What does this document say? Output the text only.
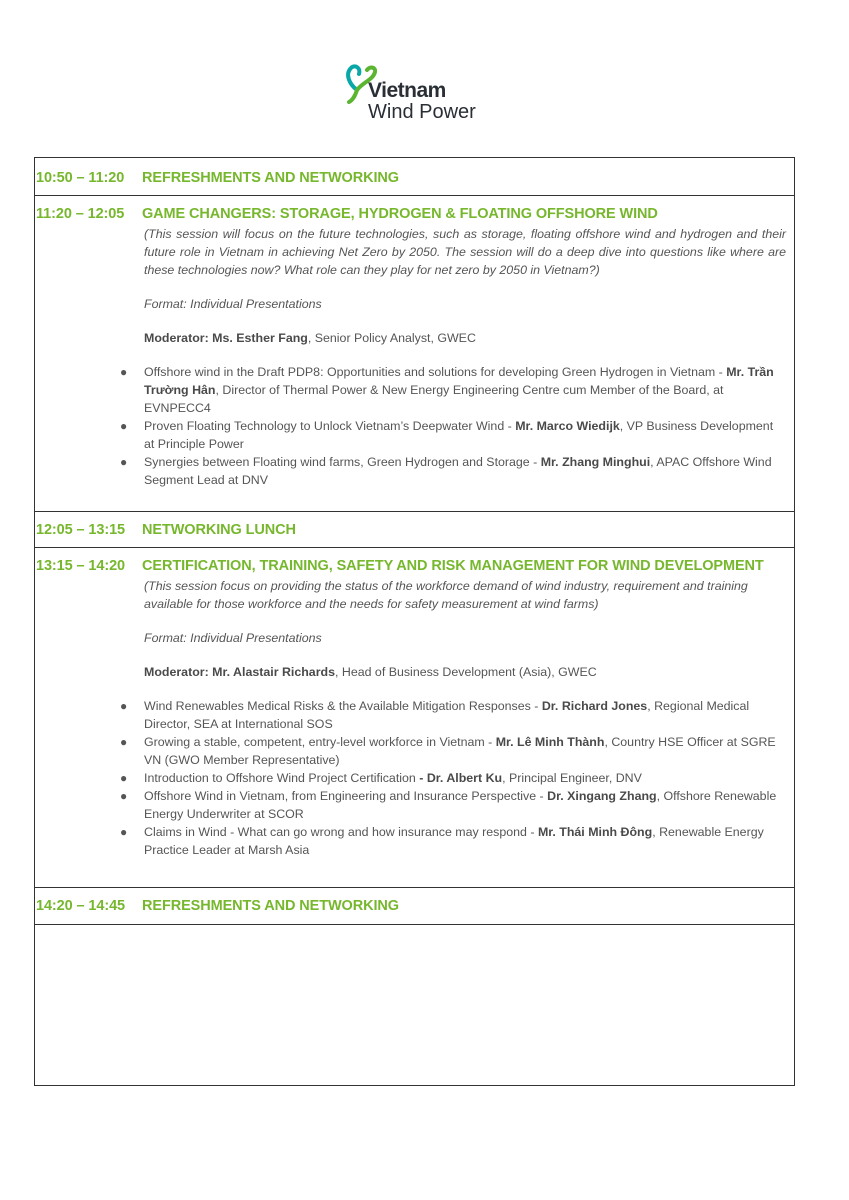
Vietnam
Wind Power
10:50 – 11:20 REFRESHMENTS AND NETWORKING
11:20 – 12:05 GAME CHANGERS: STORAGE, HYDROGEN & FLOATING OFFSHORE WIND
(This session will focus on the future technologies, such as storage, floating offshore wind and hydrogen and their future role in Vietnam in achieving Net Zero by 2050. The session will do a deep dive into questions like where are these technologies now? What role can they play for net zero by 2050 in Vietnam?)
Format: Individual Presentations
Moderator: Ms. Esther Fang, Senior Policy Analyst, GWEC
● Offshore wind in the Draft PDP8: Opportunities and solutions for developing Green Hydrogen in Vietnam - Mr. Trần Trường Hân, Director of Thermal Power & New Energy Engineering Centre cum Member of the Board, at EVNPECC4
● Proven Floating Technology to Unlock Vietnam’s Deepwater Wind - Mr. Marco Wiedijk, VP Business Development at Principle Power
● Synergies between Floating wind farms, Green Hydrogen and Storage - Mr. Zhang Minghui, APAC Offshore Wind Segment Lead at DNV
12:05 – 13:15 NETWORKING LUNCH
13:15 – 14:20 CERTIFICATION, TRAINING, SAFETY AND RISK MANAGEMENT FOR WIND DEVELOPMENT
(This session focus on providing the status of the workforce demand of wind industry, requirement and training available for those workforce and the needs for safety measurement at wind farms)
Format: Individual Presentations
Moderator: Mr. Alastair Richards, Head of Business Development (Asia), GWEC
● Wind Renewables Medical Risks & the Available Mitigation Responses - Dr. Richard Jones, Regional Medical Director, SEA at International SOS
● Growing a stable, competent, entry-level workforce in Vietnam - Mr. Lê Minh Thành, Country HSE Officer at SGRE VN (GWO Member Representative)
● Introduction to Offshore Wind Project Certification - Dr. Albert Ku, Principal Engineer, DNV
● Offshore Wind in Vietnam, from Engineering and Insurance Perspective - Dr. Xingang Zhang, Offshore Renewable Energy Underwriter at SCOR
● Claims in Wind - What can go wrong and how insurance may respond - Mr. Thái Minh Đông, Renewable Energy Practice Leader at Marsh Asia
14:20 – 14:45 REFRESHMENTS AND NETWORKING
